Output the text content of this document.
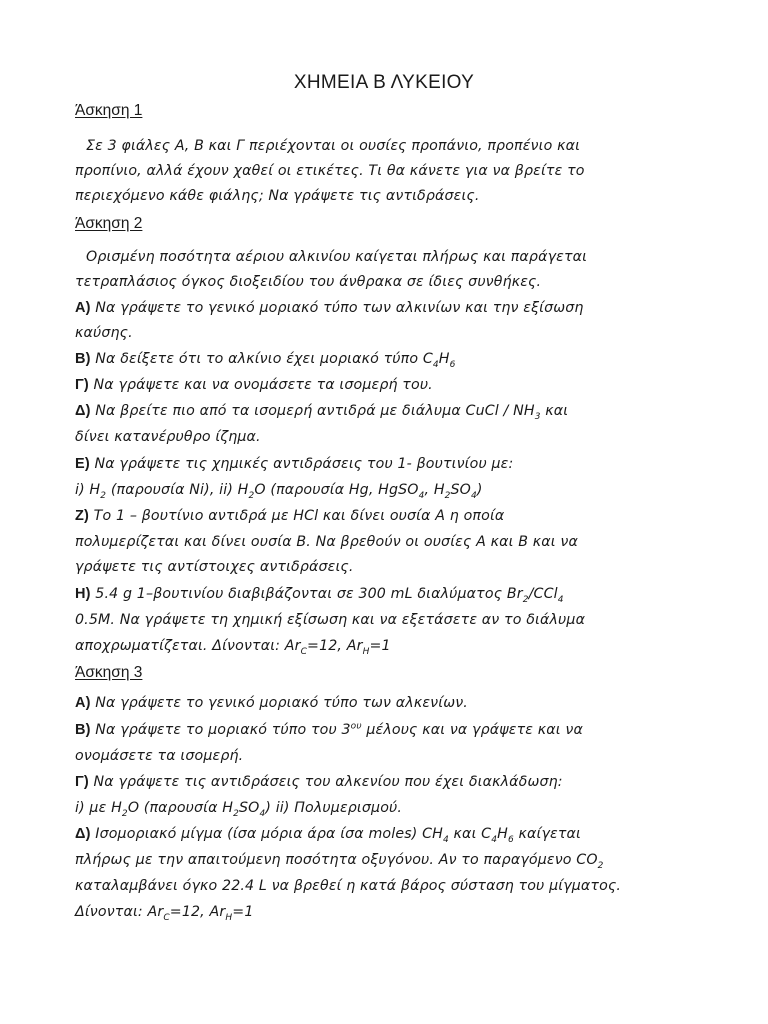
ΧΗΜΕΙΑ Β ΛΥΚΕΙΟΥ
Άσκηση 1
Σε 3 φιάλες Α, Β και Γ περιέχονται οι ουσίες προπάνιο, προπένιο και
προπίνιο, αλλά έχουν χαθεί οι ετικέτες. Τι θα κάνετε για να βρείτε το
περιεχόμενο κάθε φιάλης; Να γράψετε τις αντιδράσεις.
Άσκηση 2
Ορισμένη ποσότητα αέριου αλκινίου καίγεται πλήρως και παράγεται
τετραπλάσιος όγκος διοξειδίου του άνθρακα σε ίδιες συνθήκες.
Α) Να γράψετε το γενικό μοριακό τύπο των αλκινίων και την εξίσωση
καύσης.
Β) Να δείξετε ότι το αλκίνιο έχει μοριακό τύπο $C_4H_6$
Γ) Να γράψετε και να ονομάσετε τα ισομερή του.
Δ) Να βρείτε πιο από τα ισομερή αντιδρά με διάλυμα CuCl / $NH_3$ και
δίνει κατανέρυθρο ίζημα.
Ε) Να γράψετε τις χημικές αντιδράσεις του 1- βουτινίου με:
i) $H_2$ (παρουσία Ni), ii) $H_2O$ (παρουσία Hg, HgSO$_4$, $H_2SO_4$)
Ζ) Το 1 – βουτίνιο αντιδρά με HCl και δίνει ουσία Α η οποία
πολυμερίζεται και δίνει ουσία Β. Να βρεθούν οι ουσίες Α και Β και να
γράψετε τις αντίστοιχες αντιδράσεις.
Η) 5.4 g 1–βουτινίου διαβιβάζονται σε 300 mL διαλύματος $Br_2/CCl_4$
0.5M. Να γράψετε τη χημική εξίσωση και να εξετάσετε αν το διάλυμα
αποχρωματίζεται. Δίνονται: $Ar_C=12$, $Ar_H=1$
Άσκηση 3
Α) Να γράψετε το γενικό μοριακό τύπο των αλκενίων.
Β) Να γράψετε το μοριακό τύπο του $3^{o\upsilon}$ μέλους και να γράψετε και να
ονομάσετε τα ισομερή.
Γ) Να γράψετε τις αντιδράσεις του αλκενίου που έχει διακλάδωση:
i) με $H_2O$ (παρουσία $H_2SO_4$) ii) Πολυμερισμού.
Δ) Ισομοριακό μίγμα (ίσα μόρια άρα ίσα moles) $CH_4$ και $C_4H_6$ καίγεται
πλήρως με την απαιτούμενη ποσότητα οξυγόνου. Αν το παραγόμενο $CO_2$
καταλαμβάνει όγκο 22.4 L να βρεθεί η κατά βάρος σύσταση του μίγματος.
Δίνονται: $Ar_C=12$, $Ar_H=1$
